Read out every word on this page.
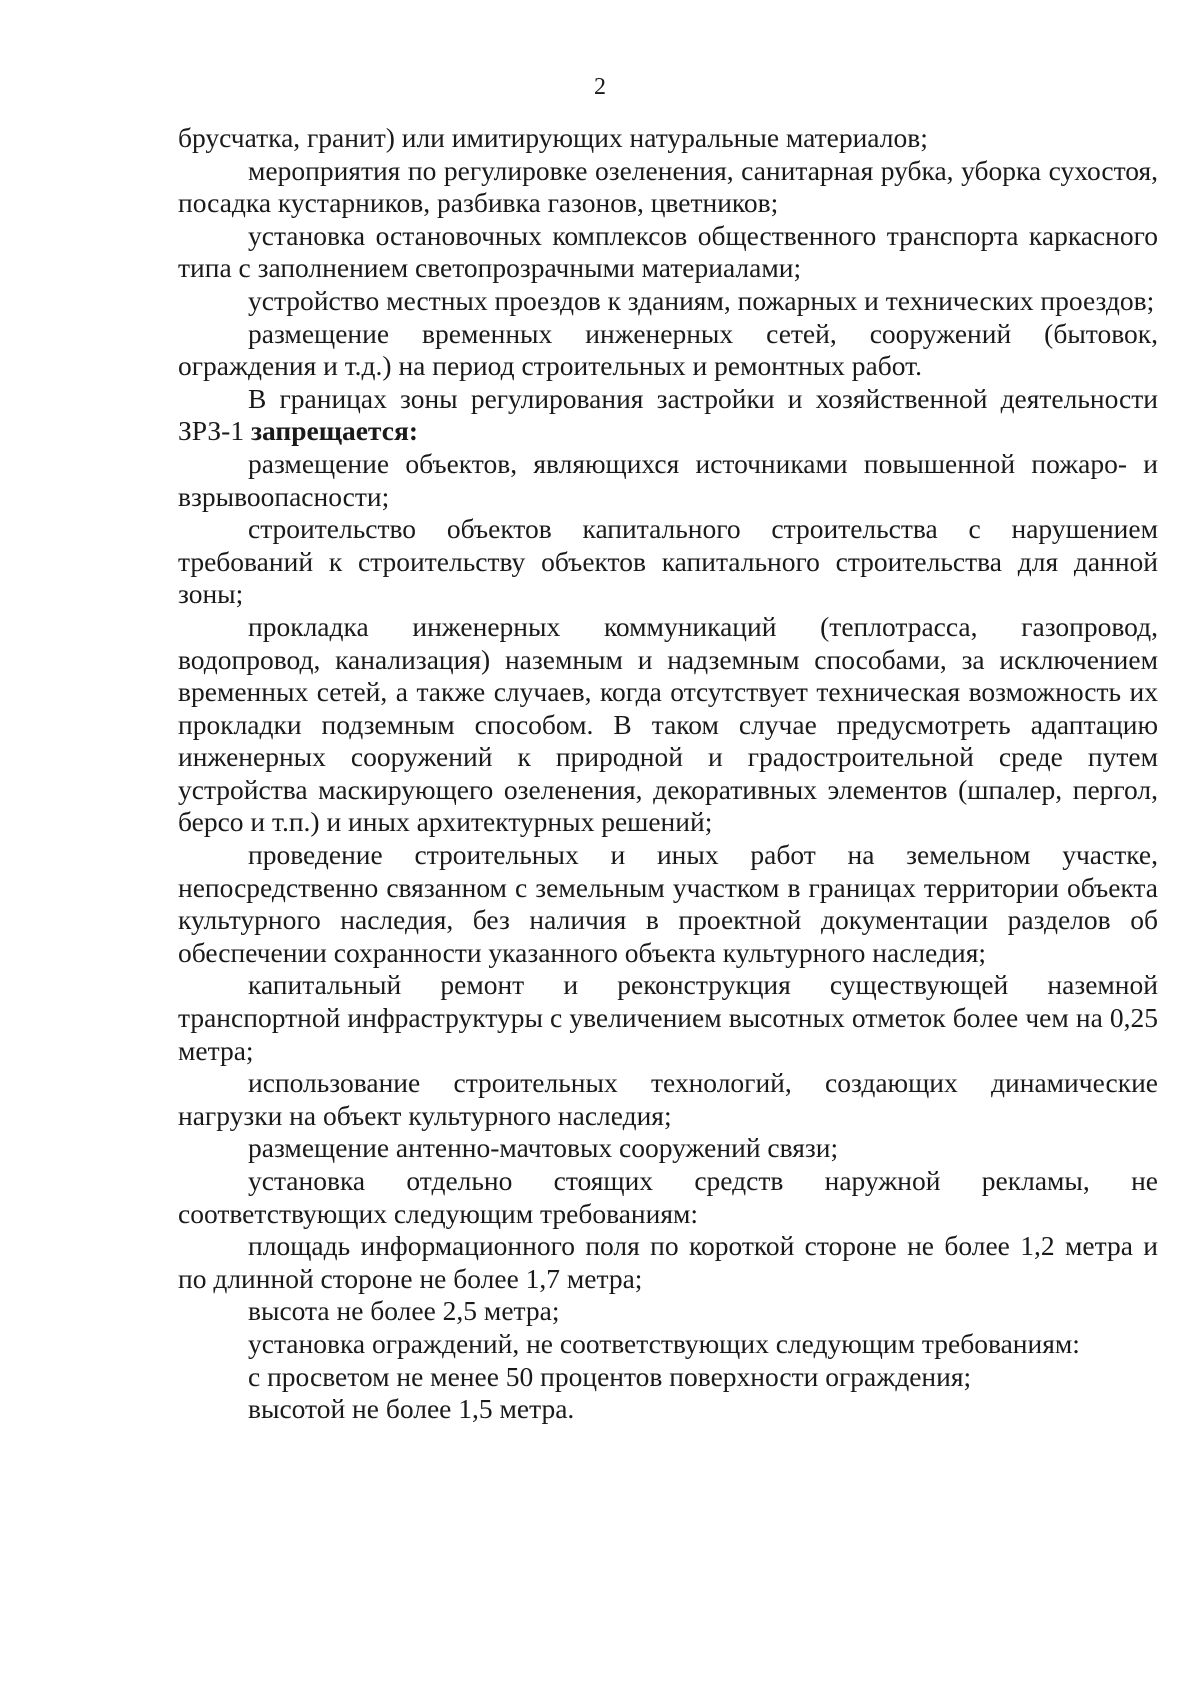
2

брусчатка, гранит) или имитирующих натуральные материалов;

мероприятия по регулировке озеленения, санитарная рубка, уборка сухостоя, посадка кустарников, разбивка газонов, цветников;

установка остановочных комплексов общественного транспорта каркасного типа с заполнением светопрозрачными материалами;

устройство местных проездов к зданиям, пожарных и технических проездов;

размещение временных инженерных сетей, сооружений (бытовок, ограждения и т.д.) на период строительных и ремонтных работ.

В границах зоны регулирования застройки и хозяйственной деятельности ЗРЗ-1 запрещается:

размещение объектов, являющихся источниками повышенной пожаро- и взрывоопасности;

строительство объектов капитального строительства с нарушением требований к строительству объектов капитального строительства для данной зоны;

прокладка инженерных коммуникаций (теплотрасса, газопровод, водопровод, канализация) наземным и надземным способами, за исключением временных сетей, а также случаев, когда отсутствует техническая возможность их прокладки подземным способом. В таком случае предусмотреть адаптацию инженерных сооружений к природной и градостроительной среде путем устройства маскирующего озеленения, декоративных элементов (шпалер, пергол, берсо и т.п.) и иных архитектурных решений;

проведение строительных и иных работ на земельном участке, непосредственно связанном с земельным участком в границах территории объекта культурного наследия, без наличия в проектной документации разделов об обеспечении сохранности указанного объекта культурного наследия;

капитальный ремонт и реконструкция существующей наземной транспортной инфраструктуры с увеличением высотных отметок более чем на 0,25 метра;

использование строительных технологий, создающих динамические нагрузки на объект культурного наследия;

размещение антенно-мачтовых сооружений связи;

установка отдельно стоящих средств наружной рекламы, не соответствующих следующим требованиям:

площадь информационного поля по короткой стороне не более 1,2 метра и по длинной стороне не более 1,7 метра;

высота не более 2,5 метра;

установка ограждений, не соответствующих следующим требованиям:

с просветом не менее 50 процентов поверхности ограждения;

высотой не более 1,5 метра.
